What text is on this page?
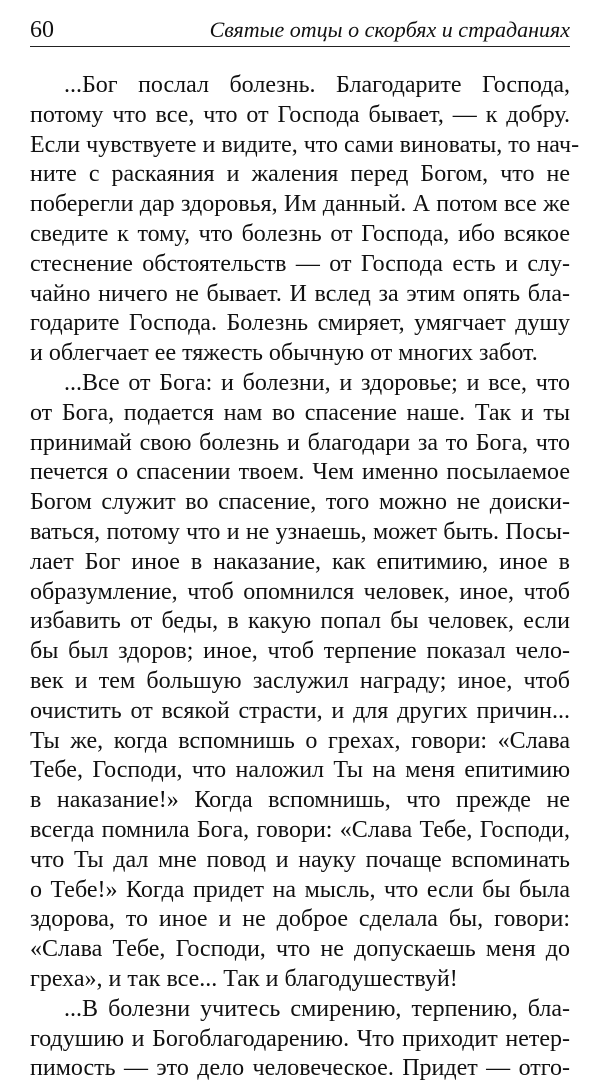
60	Святые отцы о скорбях и страданиях

...Бог послал болезнь. Благодарите Господа,
потому что все, что от Господа бывает, — к добру.
Если чувствуете и видите, что сами виноваты, то нач-
ните с раскаяния и жаления перед Богом, что не
поберегли дар здоровья, Им данный. А потом все же
сведите к тому, что болезнь от Господа, ибо всякое
стеснение обстоятельств — от Господа есть и слу-
чайно ничего не бывает. И вслед за этим опять бла-
годарите Господа. Болезнь смиряет, умягчает душу
и облегчает ее тяжесть обычную от многих забот.

...Все от Бога: и болезни, и здоровье; и все, что
от Бога, подается нам во спасение наше. Так и ты
принимай свою болезнь и благодари за то Бога, что
печется о спасении твоем. Чем именно посылаемое
Богом служит во спасение, того можно не доиски-
ваться, потому что и не узнаешь, может быть. Посы-
лает Бог иное в наказание, как епитимию, иное в
образумление, чтоб опомнился человек, иное, чтоб
избавить от беды, в какую попал бы человек, если
бы был здоров; иное, чтоб терпение показал чело-
век и тем большую заслужил награду; иное, чтоб
очистить от всякой страсти, и для других причин...
Ты же, когда вспомнишь о грехах, говори: «Слава
Тебе, Господи, что наложил Ты на меня епитимию
в наказание!» Когда вспомнишь, что прежде не
всегда помнила Бога, говори: «Слава Тебе, Господи,
что Ты дал мне повод и науку почаще вспоминать
о Тебе!» Когда придет на мысль, что если бы была
здорова, то иное и не доброе сделала бы, говори:
«Слава Тебе, Господи, что не допускаешь меня до
греха», и так все... Так и благодушествуй!

...В болезни учитесь смирению, терпению, бла-
годушию и Богоблагодарению. Что приходит нетер-
пимость — это дело человеческое. Придет — отго-
